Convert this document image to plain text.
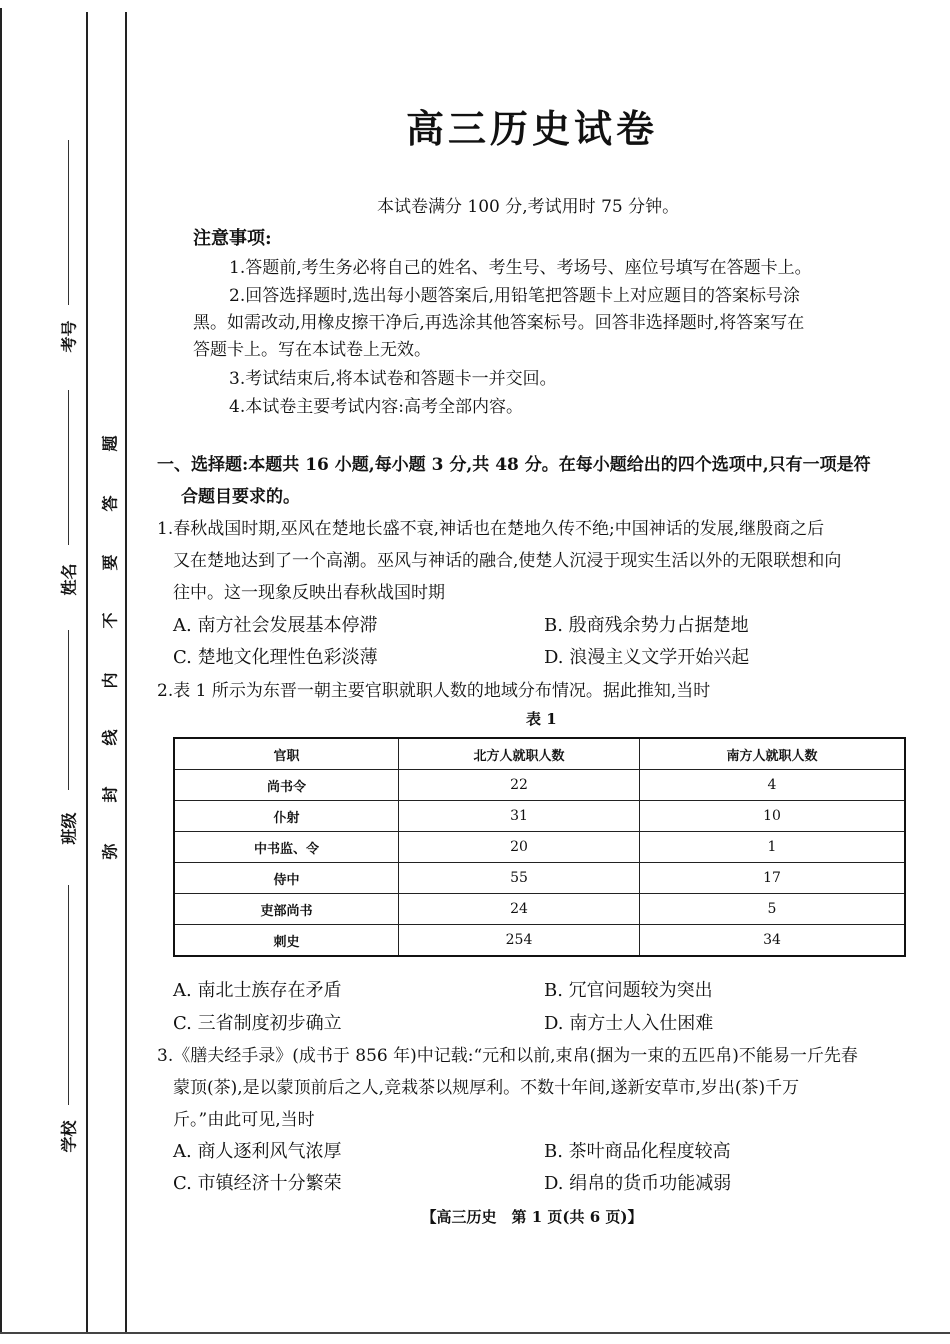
考号
姓名
班级
学校
弥
封
线
内
不
要
答
题
高三历史试卷
本试卷满分 100 分,考试用时 75 分钟。
注意事项:
1.答题前,考生务必将自己的姓名、考生号、考场号、座位号填写在答题卡上。
2.回答选择题时,选出每小题答案后,用铅笔把答题卡上对应题目的答案标号涂
黑。如需改动,用橡皮擦干净后,再选涂其他答案标号。回答非选择题时,将答案写在
答题卡上。写在本试卷上无效。
3.考试结束后,将本试卷和答题卡一并交回。
4.本试卷主要考试内容:高考全部内容。
一、选择题:本题共 16 小题,每小题 3 分,共 48 分。在每小题给出的四个选项中,只有一项是符
合题目要求的。
1.春秋战国时期,巫风在楚地长盛不衰,神话也在楚地久传不绝;中国神话的发展,继殷商之后
又在楚地达到了一个高潮。巫风与神话的融合,使楚人沉浸于现实生活以外的无限联想和向
往中。这一现象反映出春秋战国时期
A. 南方社会发展基本停滞	B. 殷商残余势力占据楚地
C. 楚地文化理性色彩淡薄	D. 浪漫主义文学开始兴起
2.表 1 所示为东晋一朝主要官职就职人数的地域分布情况。据此推知,当时
表 1
官职	北方人就职人数	南方人就职人数
尚书令	22	4
仆射	31	10
中书监、令	20	1
侍中	55	17
吏部尚书	24	5
刺史	254	34
A. 南北士族存在矛盾	B. 冗官问题较为突出
C. 三省制度初步确立	D. 南方士人入仕困难
3.《膳夫经手录》(成书于 856 年)中记载:“元和以前,束帛(捆为一束的五匹帛)不能易一斤先春
蒙顶(茶),是以蒙顶前后之人,竞栽茶以规厚利。不数十年间,遂新安草市,岁出(茶)千万
斤。”由此可见,当时
A. 商人逐利风气浓厚	B. 茶叶商品化程度较高
C. 市镇经济十分繁荣	D. 绢帛的货币功能减弱
【高三历史　第 1 页(共 6 页)】
